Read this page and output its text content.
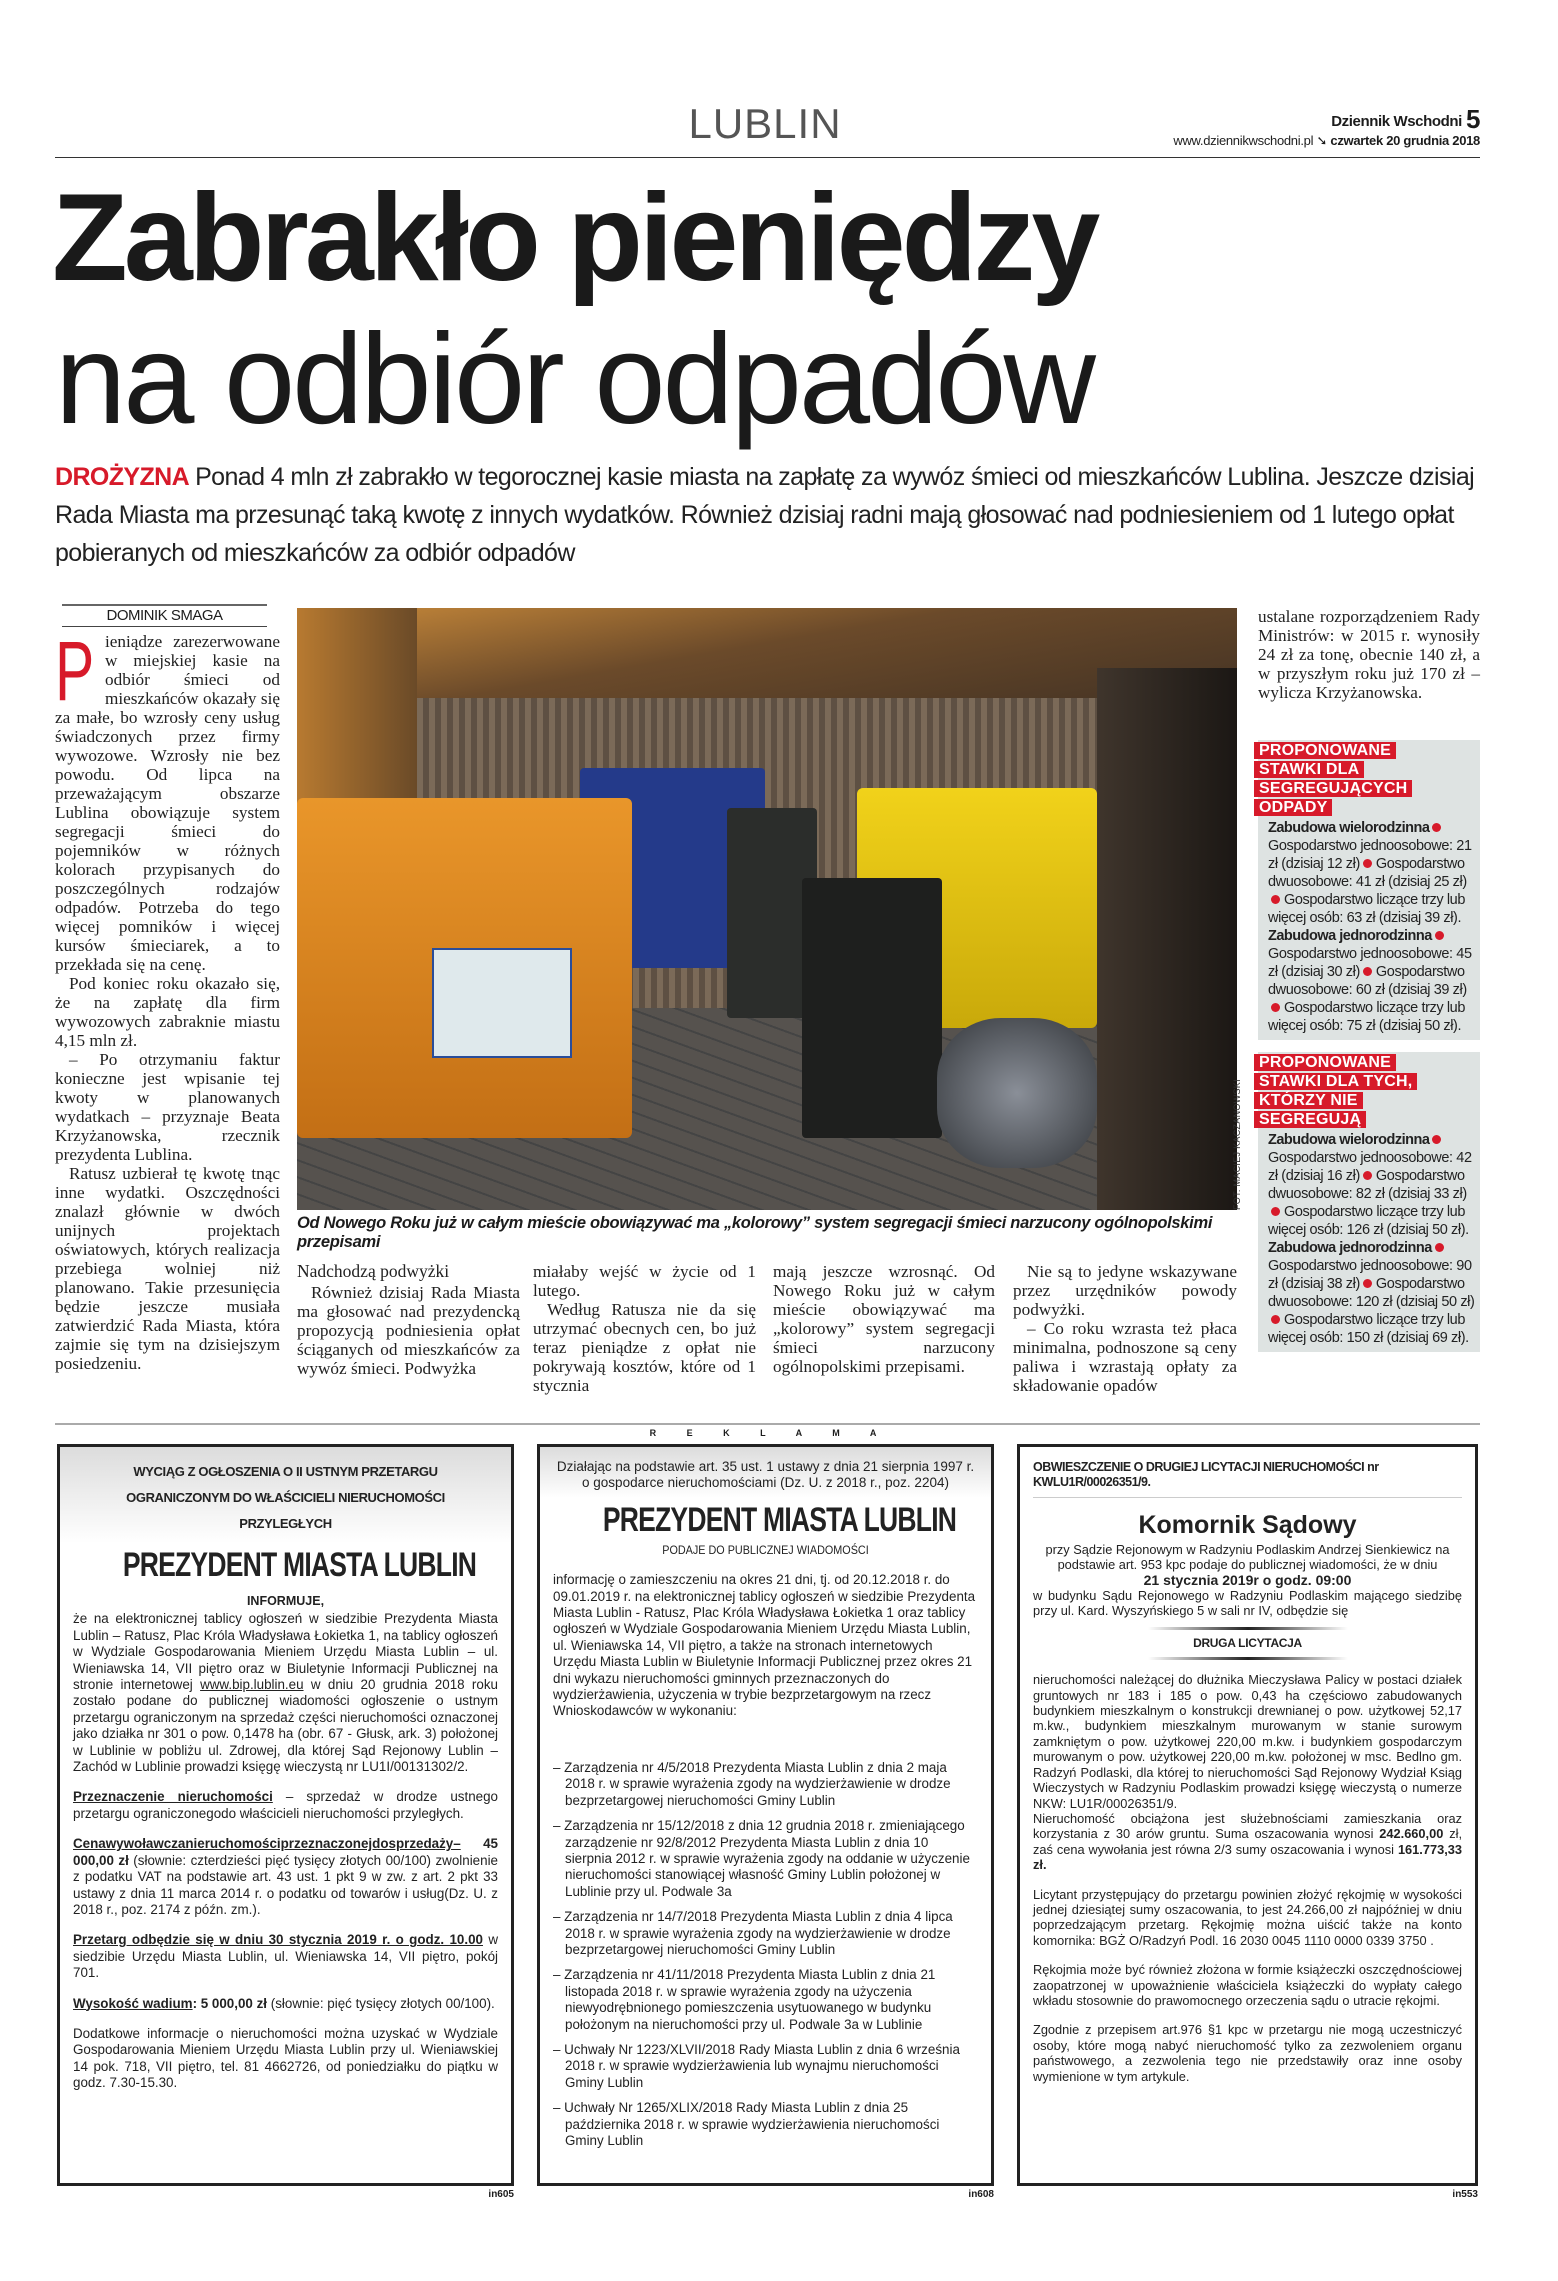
LUBLIN	Dziennik Wschodni 5
www.dziennikwschodni.pl ➘ czwartek 20 grudnia 2018
Zabrakło pieniędzy
na odbiór odpadów
DROŻYZNA Ponad 4 mln zł zabrakło w tegorocznej kasie miasta na zapłatę za wywóz śmieci od mieszkańców Lublina. Jeszcze dzisiaj Rada Miasta ma przesunąć taką kwotę z innych wydatków. Również dzisiaj radni mają głosować nad podniesieniem od 1 lutego opłat pobieranych od mieszkańców za odbiór odpadów
DOMINIK SMAGA

Pieniądze zarezerwowane w miejskiej kasie na odbiór śmieci od mieszkańców okazały się za małe, bo wzrosły ceny usług świadczonych przez firmy wywozowe. Wzrosły nie bez powodu. Od lipca na przeważającym obszarze Lublina obowiązuje system segregacji śmieci do pojemników w różnych kolorach przypisanych do poszczególnych rodzajów odpadów. Potrzeba do tego więcej pomników i więcej kursów śmieciarek, a to przekłada się na cenę.

Pod koniec roku okazało się, że na zapłatę dla firm wywozowych zabraknie miastu 4,15 mln zł.

– Po otrzymaniu faktur konieczne jest wpisanie tej kwoty w planowanych wydatkach – przyznaje Beata Krzyżanowska, rzecznik prezydenta Lublina.

Ratusz uzbierał tę kwotę tnąc inne wydatki. Oszczędności znalazł głównie w dwóch unijnych projektach oświatowych, których realizacja przebiega wolniej niż planowano. Takie przesunięcia będzie jeszcze musiała zatwierdzić Rada Miasta, która zajmie się tym na dzisiejszym posiedzeniu.

FOT. MACIEJ KACZANOWSKI
Od Nowego Roku już w całym mieście obowiązywać ma „kolorowy” system segregacji śmieci narzucony ogólnopolskimi przepisami

Nadchodzą podwyżki

Również dzisiaj Rada Miasta ma głosować nad prezydencką propozycją podniesienia opłat ściąganych od mieszkańców za wywóz śmieci. Podwyżka

miałaby wejść w życie od 1 lutego.

Według Ratusza nie da się utrzymać obecnych cen, bo już teraz pieniądze z opłat nie pokrywają kosztów, które od 1 stycznia

mają jeszcze wzrosnąć. Od Nowego Roku już w całym mieście obowiązywać ma „kolorowy” system segregacji śmieci narzucony ogólnopolskimi przepisami.

Nie są to jedyne wskazywane przez urzędników powody podwyżki.

– Co roku wzrasta też płaca minimalna, podnoszone są ceny paliwa i wzrastają opłaty za składowanie opadów

ustalane rozporządzeniem Rady Ministrów: w 2015 r. wynosiły 24 zł za tonę, obecnie 140 zł, a w przyszłym roku już 170 zł – wylicza Krzyżanowska.

PROPONOWANE STAWKI DLA SEGREGUJĄCYCH ODPADY
Zabudowa wielorodzinnaGospodarstwo jednoosobowe: 21 zł (dzisiaj 12 zł) Gospodarstwo dwuosobowe: 41 zł (dzisiaj 25 zł)Gospodarstwo liczące trzy lub więcej osób: 63 zł (dzisiaj 39 zł).
Zabudowa jednorodzinnaGospodarstwo jednoosobowe: 45 zł (dzisiaj 30 zł) Gospodarstwo dwuosobowe: 60 zł (dzisiaj 39 zł)Gospodarstwo liczące trzy lub więcej osób: 75 zł (dzisiaj 50 zł).
PROPONOWANE STAWKI DLA TYCH, KTÓRZY NIE SEGREGUJĄ
Zabudowa wielorodzinnaGospodarstwo jednoosobowe: 42 zł (dzisiaj 16 zł) Gospodarstwo dwuosobowe: 82 zł (dzisiaj 33 zł)Gospodarstwo liczące trzy lub więcej osób: 126 zł (dzisiaj 50 zł).
Zabudowa jednorodzinnaGospodarstwo jednoosobowe: 90 zł (dzisiaj 38 zł) Gospodarstwo dwuosobowe: 120 zł (dzisiaj 50 zł)Gospodarstwo liczące trzy lub więcej osób: 150 zł (dzisiaj 69 zł).
R E K L A M A
WYCIĄG Z OGŁOSZENIA O II USTNYM PRZETARGU
OGRANICZONYM DO WŁAŚCICIELI NIERUCHOMOŚCI
PRZYLEGŁYCH
PREZYDENT MIASTA LUBLIN
INFORMUJE,

że na elektronicznej tablicy ogłoszeń w siedzibie Prezydenta Miasta Lublin – Ratusz, Plac Króla Władysława Łokietka 1, na tablicy ogłoszeń w Wydziale Gospodarowania Mieniem Urzędu Miasta Lublin – ul. Wieniawska 14, VII piętro oraz w Biuletynie Informacji Publicznej na stronie internetowej www.bip.lublin.eu w dniu 20 grudnia 2018 roku zostało podane do publicznej wiadomości ogłoszenie o ustnym przetargu ograniczonym na sprzedaż części nieruchomości oznaczonej jako działka nr 301 o pow. 0,1478 ha (obr. 67 - Głusk, ark. 3) położonej w Lublinie w pobliżu ul. Zdrowej, dla której Sąd Rejonowy Lublin – Zachód w Lublinie prowadzi księgę wieczystą nr LU1I/00131302/2.

Przeznaczenie nieruchomości – sprzedaż w drodze ustnego przetargu ograniczonegodo właścicieli nieruchomości przyległych.

Cenawywoławczanieruchomościprzeznaczonejdosprzedaży– 45 000,00 zł (słownie: czterdzieści pięć tysięcy złotych 00/100) zwolnienie z podatku VAT na podstawie art. 43 ust. 1 pkt 9 w zw. z art. 2 pkt 33 ustawy z dnia 11 marca 2014 r. o podatku od towarów i usług(Dz. U. z 2018 r., poz. 2174 z późn. zm.).

Przetarg odbędzie się w dniu 30 stycznia 2019 r. o godz. 10.00 w siedzibie Urzędu Miasta Lublin, ul. Wieniawska 14, VII piętro, pokój 701.

Wysokość wadium: 5 000,00 zł (słownie: pięć tysięcy złotych 00/100).

Dodatkowe informacje o nieruchomości można uzyskać w Wydziale Gospodarowania Mieniem Urzędu Miasta Lublin przy ul. Wieniawskiej 14 pok. 718, VII piętro, tel. 81 4662726, od poniedziałku do piątku w godz. 7.30-15.30.

in605
Działając na podstawie art. 35 ust. 1 ustawy z dnia 21 sierpnia 1997 r. o gospodarce nieruchomościami (Dz. U. z 2018 r., poz. 2204)
PREZYDENT MIASTA LUBLIN
PODAJE DO PUBLICZNEJ WIADOMOŚCI

informację o zamieszczeniu na okres 21 dni, tj. od 20.12.2018 r. do 09.01.2019 r. na elektronicznej tablicy ogłoszeń w siedzibie Prezydenta Miasta Lublin - Ratusz, Plac Króla Władysława Łokietka 1 oraz tablicy ogłoszeń w Wydziale Gospodarowania Mieniem Urzędu Miasta Lublin, ul. Wieniawska 14, VII piętro, a także na stronach internetowych Urzędu Miasta Lublin w Biuletynie Informacji Publicznej przez okres 21 dni wykazu nieruchomości gminnych przeznaczonych do wydzierżawienia, użyczenia w trybie bezprzetargowym na rzecz Wnioskodawców w wykonaniu:

– Zarządzenia nr 4/5/2018 Prezydenta Miasta Lublin z dnia 2 maja 2018 r. w sprawie wyrażenia zgody na wydzierżawienie w drodze bezprzetargowej nieruchomości Gminy Lublin
– Zarządzenia nr 15/12/2018 z dnia 12 grudnia 2018 r. zmieniającego zarządzenie nr 92/8/2012 Prezydenta Miasta Lublin z dnia 10 sierpnia 2012 r. w sprawie wyrażenia zgody na oddanie w użyczenie nieruchomości stanowiącej własność Gminy Lublin położonej w Lublinie przy ul. Podwale 3a
– Zarządzenia nr 14/7/2018 Prezydenta Miasta Lublin z dnia 4 lipca 2018 r. w sprawie wyrażenia zgody na wydzierżawienie w drodze bezprzetargowej nieruchomości Gminy Lublin
– Zarządzenia nr 41/11/2018 Prezydenta Miasta Lublin z dnia 21 listopada 2018 r. w sprawie wyrażenia zgody na użyczenia niewyodrębnionego pomieszczenia usytuowanego w budynku położonym na nieruchomości przy ul. Podwale 3a w Lublinie
– Uchwały Nr 1223/XLVII/2018 Rady Miasta Lublin z dnia 6 września 2018 r. w sprawie wydzierżawienia lub wynajmu nieruchomości Gminy Lublin
– Uchwały Nr 1265/XLIX/2018 Rady Miasta Lublin z dnia 25 października 2018 r. w sprawie wydzierżawienia nieruchomości Gminy Lublin
in608
OBWIESZCZENIE O DRUGIEJ LICYTACJI NIERUCHOMOŚCI nr KWLU1R/00026351/9.
Komornik Sądowy
przy Sądzie Rejonowym w Radzyniu Podlaskim Andrzej Sienkiewicz na podstawie art. 953 kpc podaje do publicznej wiadomości, że w dniu
21 stycznia 2019r o godz. 09:00

w budynku Sądu Rejonowego w Radzyniu Podlaskim mającego siedzibę przy ul. Kard. Wyszyńskiego 5 w sali nr IV, odbędzie się

DRUGA LICYTACJA

nieruchomości należącej do dłużnika Mieczysława Palicy w postaci działek gruntowych nr 183 i 185 o pow. 0,43 ha częściowo zabudowanych budynkiem mieszkalnym o konstrukcji drewnianej o pow. użytkowej 52,17 m.kw., budynkiem mieszkalnym murowanym w stanie surowym zamkniętym o pow. użytkowej 220,00 m.kw. i budynkiem gospodarczym murowanym o pow. użytkowej 220,00 m.kw. położonej w msc. Bedlno gm. Radzyń Podlaski, dla której to nieruchomości Sąd Rejonowy Wydział Ksiąg Wieczystych w Radzyniu Podlaskim prowadzi księgę wieczystą o numerze NKW: LU1R/00026351/9.

Nieruchomość obciążona jest służebnościami zamieszkania oraz korzystania z 30 arów gruntu. Suma oszacowania wynosi 242.660,00 zł, zaś cena wywołania jest równa 2/3 sumy oszacowania i wynosi 161.773,33 zł.

Licytant przystępujący do przetargu powinien złożyć rękojmię w wysokości jednej dziesiątej sumy oszacowania, to jest 24.266,00 zł najpóźniej w dniu poprzedzającym przetarg. Rękojmię można uiścić także na konto komornika: BGŻ O/Radzyń Podl. 16 2030 0045 1110 0000 0339 3750 .

Rękojmia może być również złożona w formie książeczki oszczędnościowej zaopatrzonej w upoważnienie właściciela książeczki do wypłaty całego wkładu stosownie do prawomocnego orzeczenia sądu o utracie rękojmi.

Zgodnie z przepisem art.976 §1 kpc w przetargu nie mogą uczestniczyć osoby, które mogą nabyć nieruchomość tylko za zezwoleniem organu państwowego, a zezwolenia tego nie przedstawiły oraz inne osoby wymienione w tym artykule.

in553
